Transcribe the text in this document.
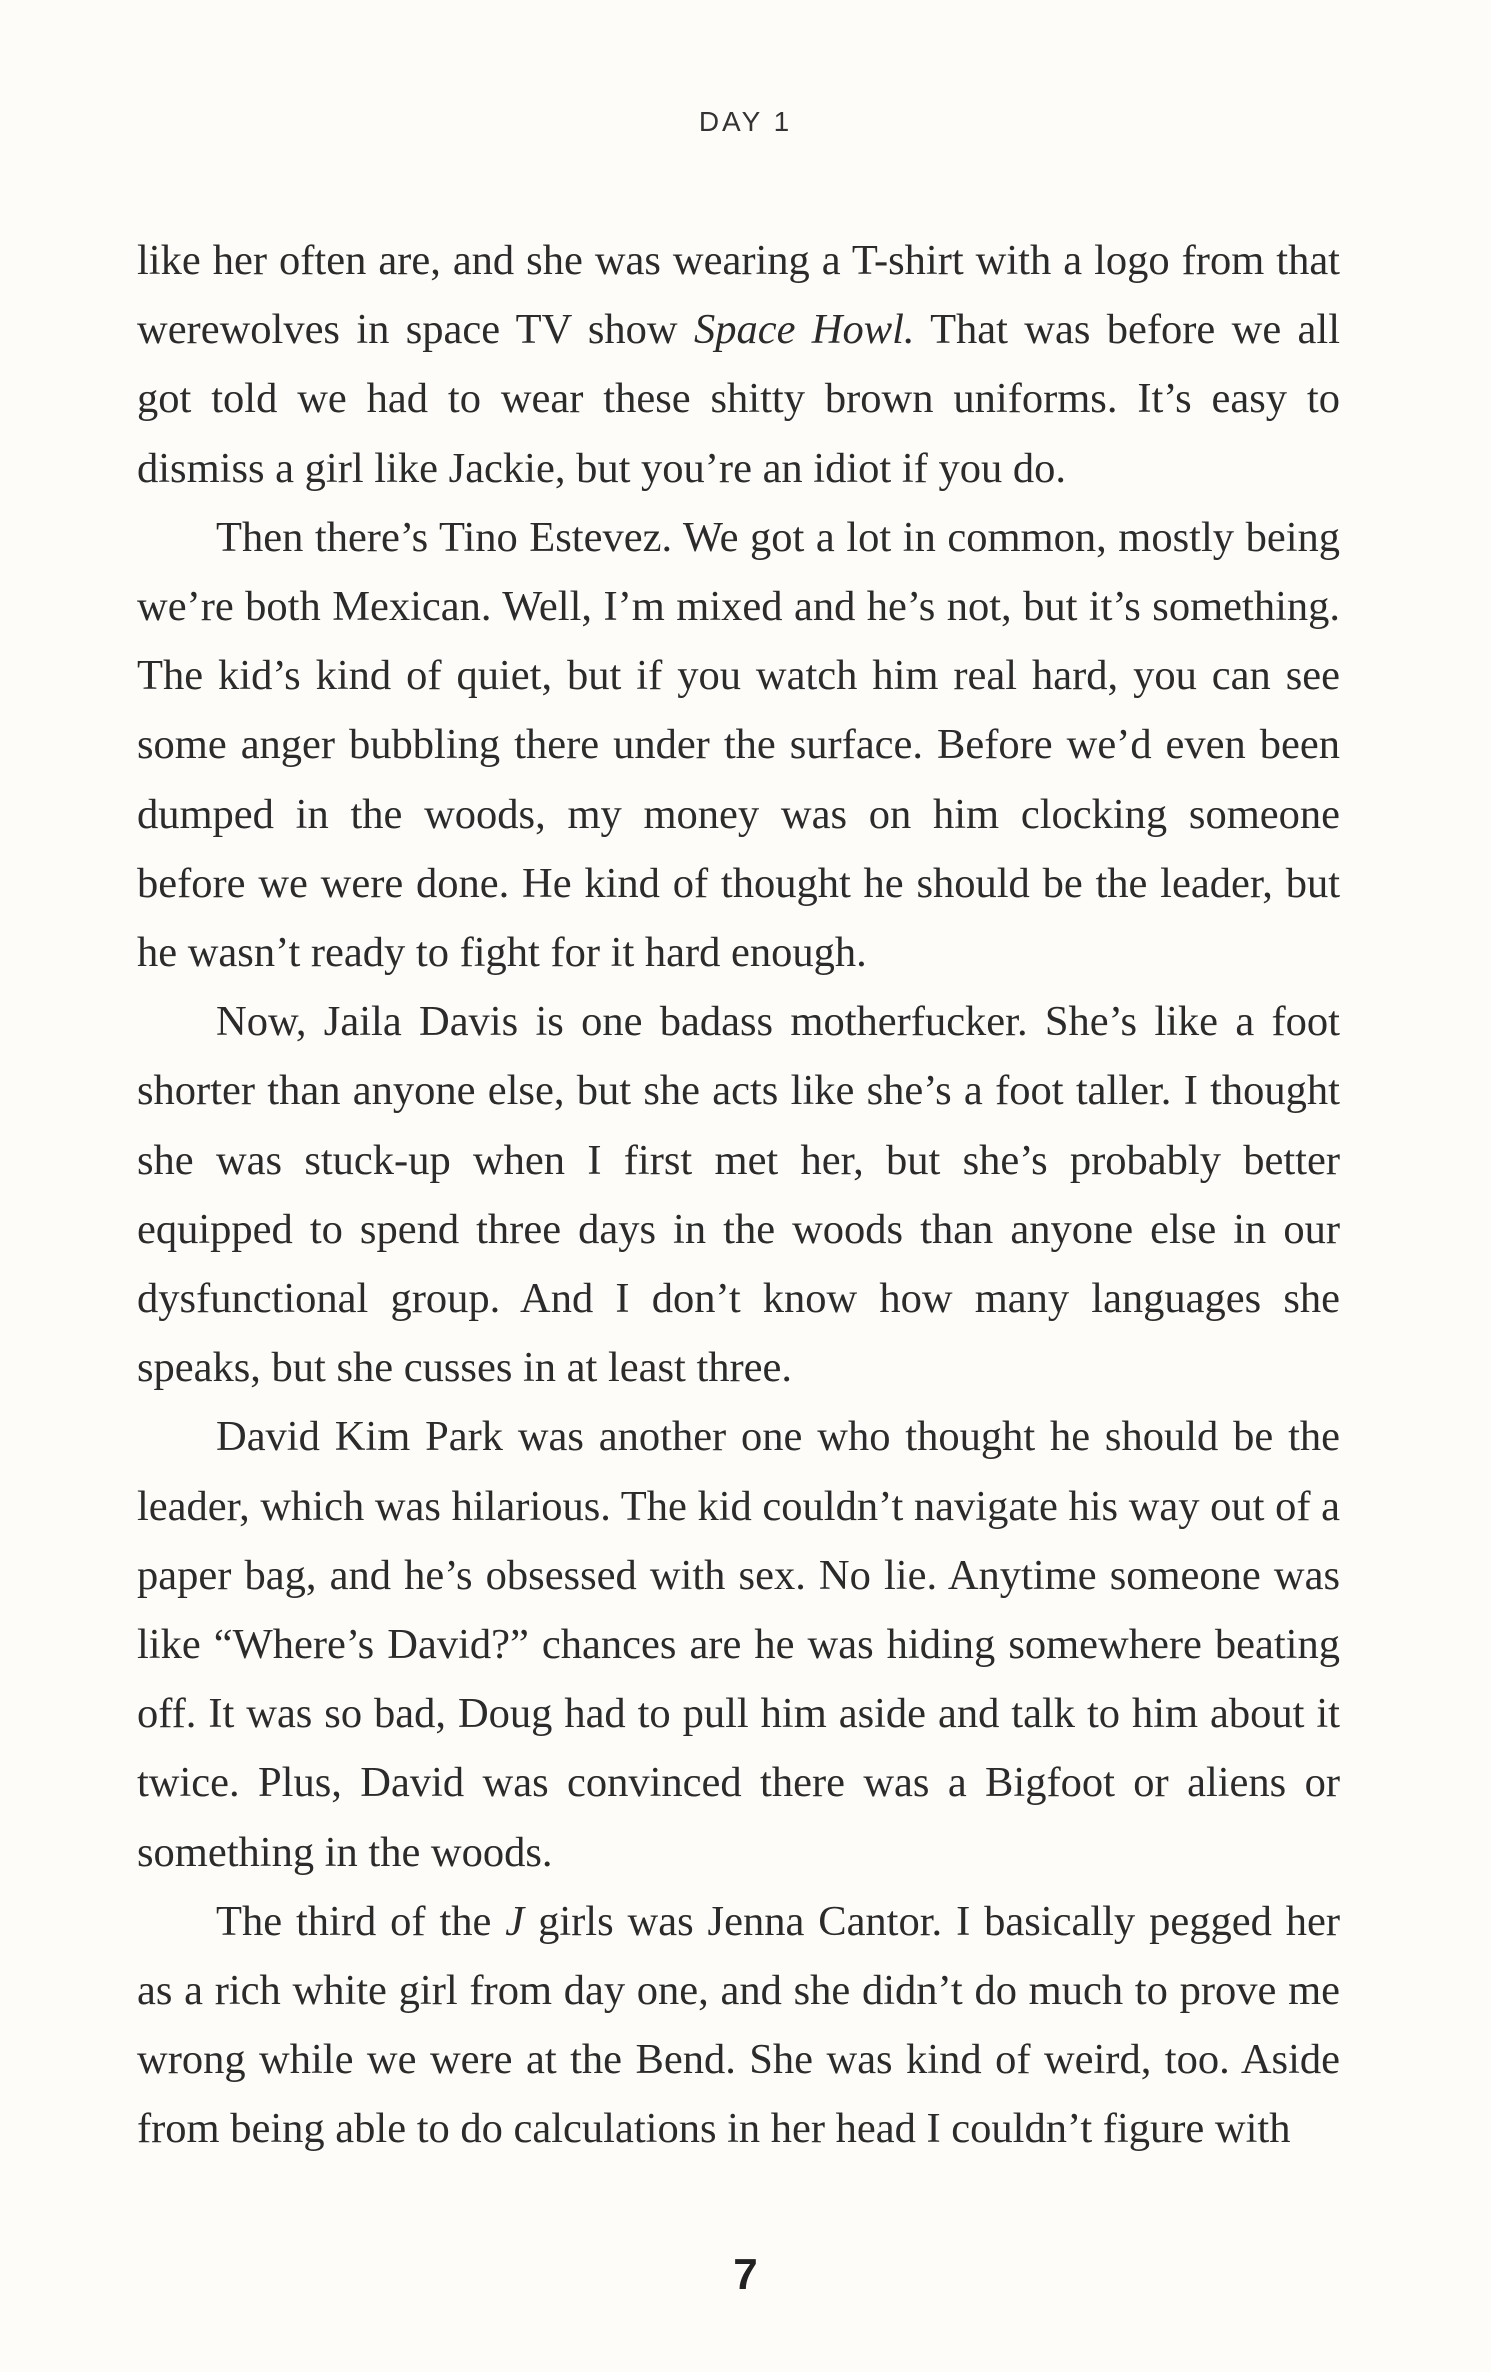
DAY 1

like her often are, and she was wearing a T-shirt with a logo from that werewolves in space TV show Space Howl. That was before we all got told we had to wear these shitty brown uniforms. It’s easy to dismiss a girl like Jackie, but you’re an idiot if you do.

Then there’s Tino Estevez. We got a lot in common, mostly being we’re both Mexican. Well, I’m mixed and he’s not, but it’s something. The kid’s kind of quiet, but if you watch him real hard, you can see some anger bubbling there under the surface. Before we’d even been dumped in the woods, my money was on him clocking someone before we were done. He kind of thought he should be the leader, but he wasn’t ready to fight for it hard enough.

Now, Jaila Davis is one badass motherfucker. She’s like a foot shorter than anyone else, but she acts like she’s a foot taller. I thought she was stuck-up when I first met her, but she’s probably better equipped to spend three days in the woods than anyone else in our dysfunctional group. And I don’t know how many languages she speaks, but she cusses in at least three.

David Kim Park was another one who thought he should be the leader, which was hilarious. The kid couldn’t navigate his way out of a paper bag, and he’s obsessed with sex. No lie. Anytime someone was like “Where’s David?” chances are he was hiding somewhere beating off. It was so bad, Doug had to pull him aside and talk to him about it twice. Plus, David was convinced there was a Bigfoot or aliens or something in the woods.

The third of the J girls was Jenna Cantor. I basically pegged her as a rich white girl from day one, and she didn’t do much to prove me wrong while we were at the Bend. She was kind of weird, too. Aside from being able to do calculations in her head I couldn’t figure with

7
